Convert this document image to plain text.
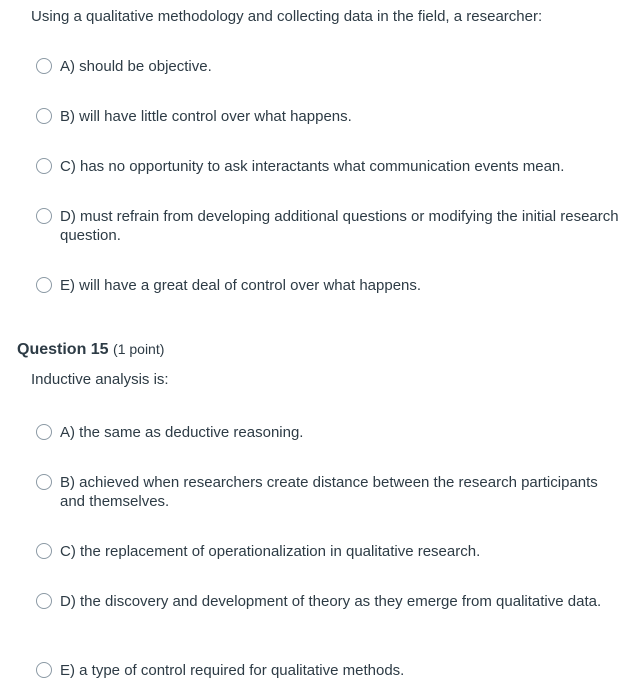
Using a qualitative methodology and collecting data in the field, a researcher:
A) should be objective.
B) will have little control over what happens.
C) has no opportunity to ask interactants what communication events mean.
D) must refrain from developing additional questions or modifying the initial research question.
E) will have a great deal of control over what happens.
Question 15 (1 point)
Inductive analysis is:
A) the same as deductive reasoning.
B) achieved when researchers create distance between the research participants and themselves.
C) the replacement of operationalization in qualitative research.
D) the discovery and development of theory as they emerge from qualitative data.
E) a type of control required for qualitative methods.
